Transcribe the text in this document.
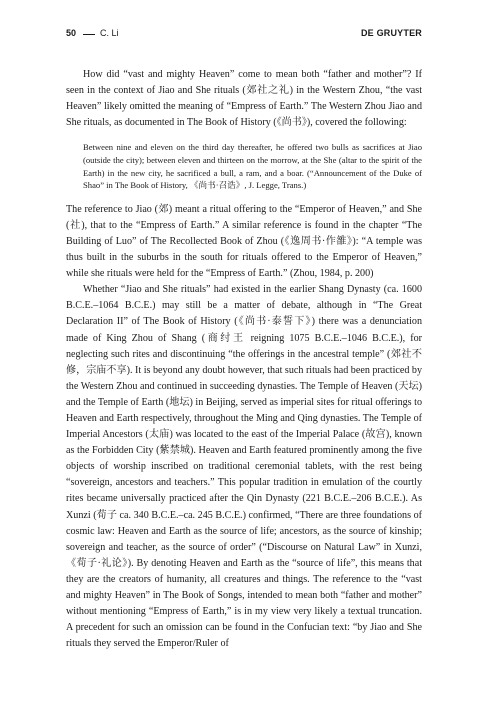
50	C. Li	DE GRUYTER

How did “vast and mighty Heaven” come to mean both “father and mother”? If seen in the context of Jiao and She rituals (郊社之礼) in the Western Zhou, “the vast Heaven” likely omitted the meaning of “Empress of Earth.” The Western Zhou Jiao and She rituals, as documented in The Book of History (《尚书》), covered the following:

Between nine and eleven on the third day thereafter, he offered two bulls as sacrifices at Jiao (outside the city); between eleven and thirteen on the morrow, at the She (altar to the spirit of the Earth) in the new city, he sacrificed a bull, a ram, and a boar. (“Announcement of the Duke of Shao” in The Book of History, 《尚书·召诰》, J. Legge, Trans.)

The reference to Jiao (郊) meant a ritual offering to the “Emperor of Heaven,” and She (社), that to the “Empress of Earth.” A similar reference is found in the chapter “The Building of Luo” of The Recollected Book of Zhou (《逸周书·作雒》): “A temple was thus built in the suburbs in the south for rituals offered to the Emperor of Heaven,” while she rituals were held for the “Empress of Earth.” (Zhou, 1984, p. 200)

Whether “Jiao and She rituals” had existed in the earlier Shang Dynasty (ca. 1600 B.C.E.–1064 B.C.E.) may still be a matter of debate, although in “The Great Declaration II” of The Book of History (《尚书·泰誓下》) there was a denunciation made of King Zhou of Shang (商纣王 reigning 1075 B.C.E.–1046 B.C.E.), for neglecting such rites and discontinuing “the offerings in the ancestral temple” (郊社不修，宗庙不享). It is beyond any doubt however, that such rituals had been practiced by the Western Zhou and continued in succeeding dynasties. The Temple of Heaven (天坛) and the Temple of Earth (地坛) in Beijing, served as imperial sites for ritual offerings to Heaven and Earth respectively, throughout the Ming and Qing dynasties. The Temple of Imperial Ancestors (太庙) was located to the east of the Imperial Palace (故宫), known as the Forbidden City (紫禁城). Heaven and Earth featured prominently among the five objects of worship inscribed on traditional ceremonial tablets, with the rest being “sovereign, ancestors and teachers.” This popular tradition in emulation of the courtly rites became universally practiced after the Qin Dynasty (221 B.C.E.–206 B.C.E.). As Xunzi (荀子 ca. 340 B.C.E.–ca. 245 B.C.E.) confirmed, “There are three foundations of cosmic law: Heaven and Earth as the source of life; ancestors, as the source of kinship; sovereign and teacher, as the source of order” (“Discourse on Natural Law” in Xunzi, 《荀子·礼论》). By denoting Heaven and Earth as the “source of life”, this means that they are the creators of humanity, all creatures and things. The reference to the “vast and mighty Heaven” in The Book of Songs, intended to mean both “father and mother” without mentioning “Empress of Earth,” is in my view very likely a textual truncation. A precedent for such an omission can be found in the Confucian text: “by Jiao and She rituals they served the Emperor/Ruler of
